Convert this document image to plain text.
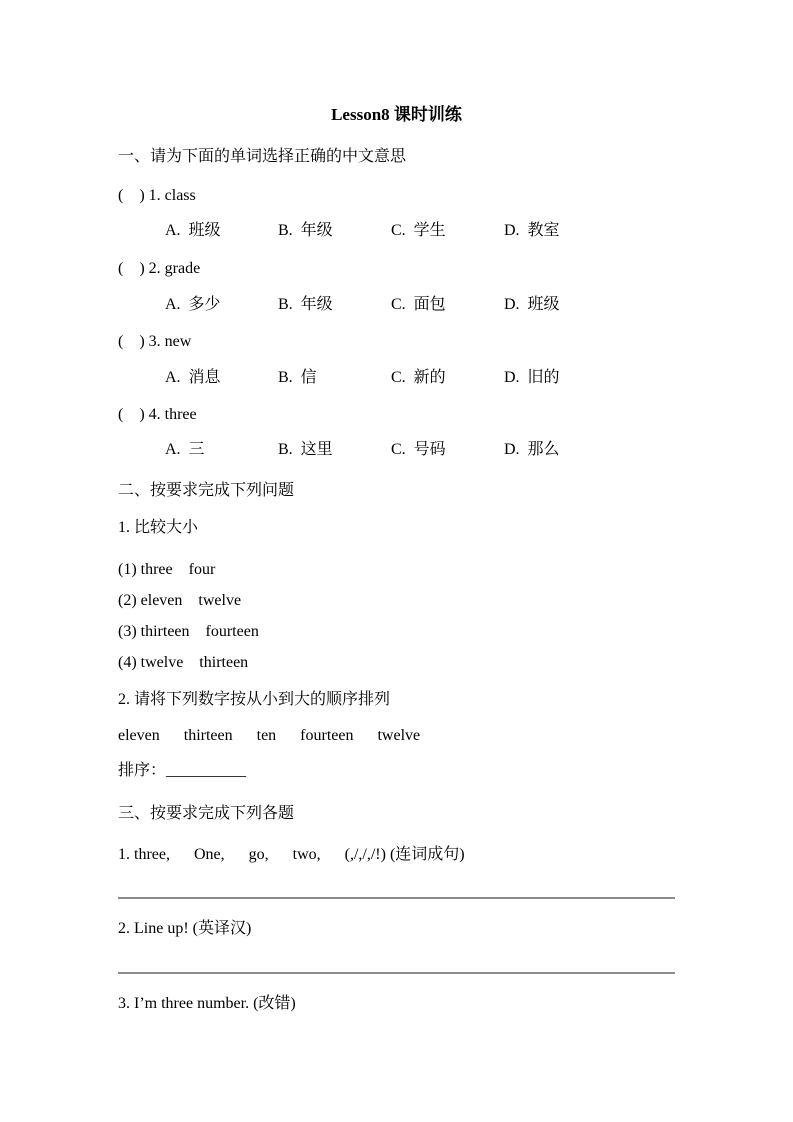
Lesson8 课时训练
一、请为下面的单词选择正确的中文意思
(    ) 1. class
A.  班级	B.  年级	C.  学生	D.  教室
(    ) 2. grade
A.  多少	B.  年级	C.  面包	D.  班级
(    ) 3. new
A.  消息	B.  信	C.  新的	D.  旧的
(    ) 4. three
A.  三	B.  这里	C.  号码	D.  那么
二、按要求完成下列问题
1. 比较大小
(1) three    four
(2) eleven    twelve
(3) thirteen    fourteen
(4) twelve    thirteen
2. 请将下列数字按从小到大的顺序排列
eleven      thirteen      ten      fourteen      twelve
排序：__________
三、按要求完成下列各题
1. three,      One,      go,      two,      (,/,/,/!) (连词成句)
2. Line up! (英译汉)
3. I’m three number. (改错)
